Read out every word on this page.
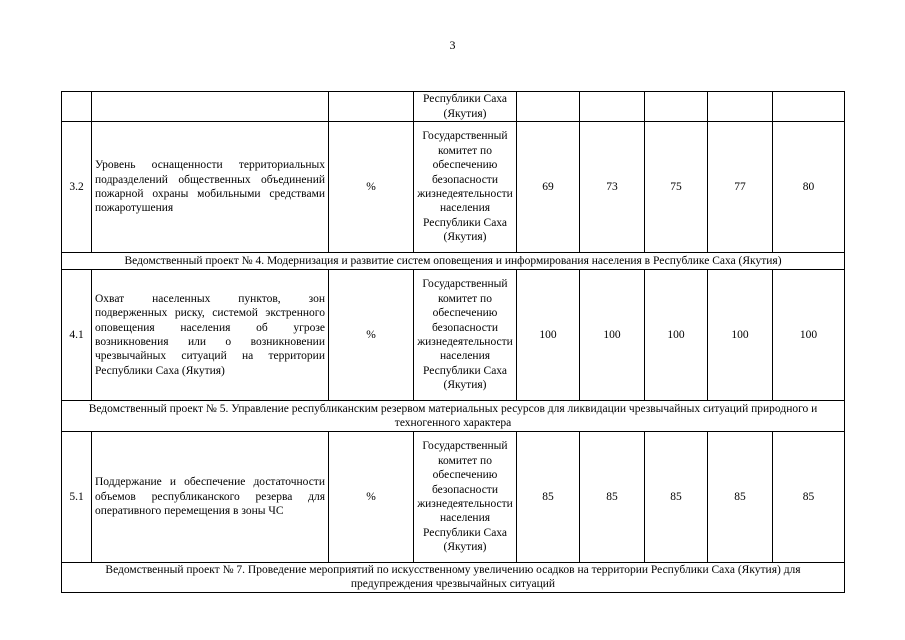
3
			Республики Саха (Якутия)					
3.2	Уровень оснащенности территориальных подразделений общественных объединений пожарной охраны мобильными средствами пожаротушения	%	Государственный комитет по обеспечению безопасности жизнедеятельности населения Республики Саха (Якутия)	69	73	75	77	80
Ведомственный проект № 4. Модернизация и развитие систем оповещения и информирования населения в Республике Саха (Якутия)								
4.1	Охват населенных пунктов, зон подверженных риску, системой экстренного оповещения населения об угрозе возникновения или о возникновении чрезвычайных ситуаций на территории Республики Саха (Якутия)	%	Государственный комитет по обеспечению безопасности жизнедеятельности населения Республики Саха (Якутия)	100	100	100	100	100
Ведомственный проект № 5. Управление республиканским резервом материальных ресурсов для ликвидации чрезвычайных ситуаций природного и техногенного характера								
5.1	Поддержание и обеспечение достаточности объемов республиканского резерва для оперативного перемещения в зоны ЧС	%	Государственный комитет по обеспечению безопасности жизнедеятельности населения Республики Саха (Якутия)	85	85	85	85	85
Ведомственный проект № 7. Проведение мероприятий по искусственному увеличению осадков на территории Республики Саха (Якутия) для предупреждения чрезвычайных ситуаций								
